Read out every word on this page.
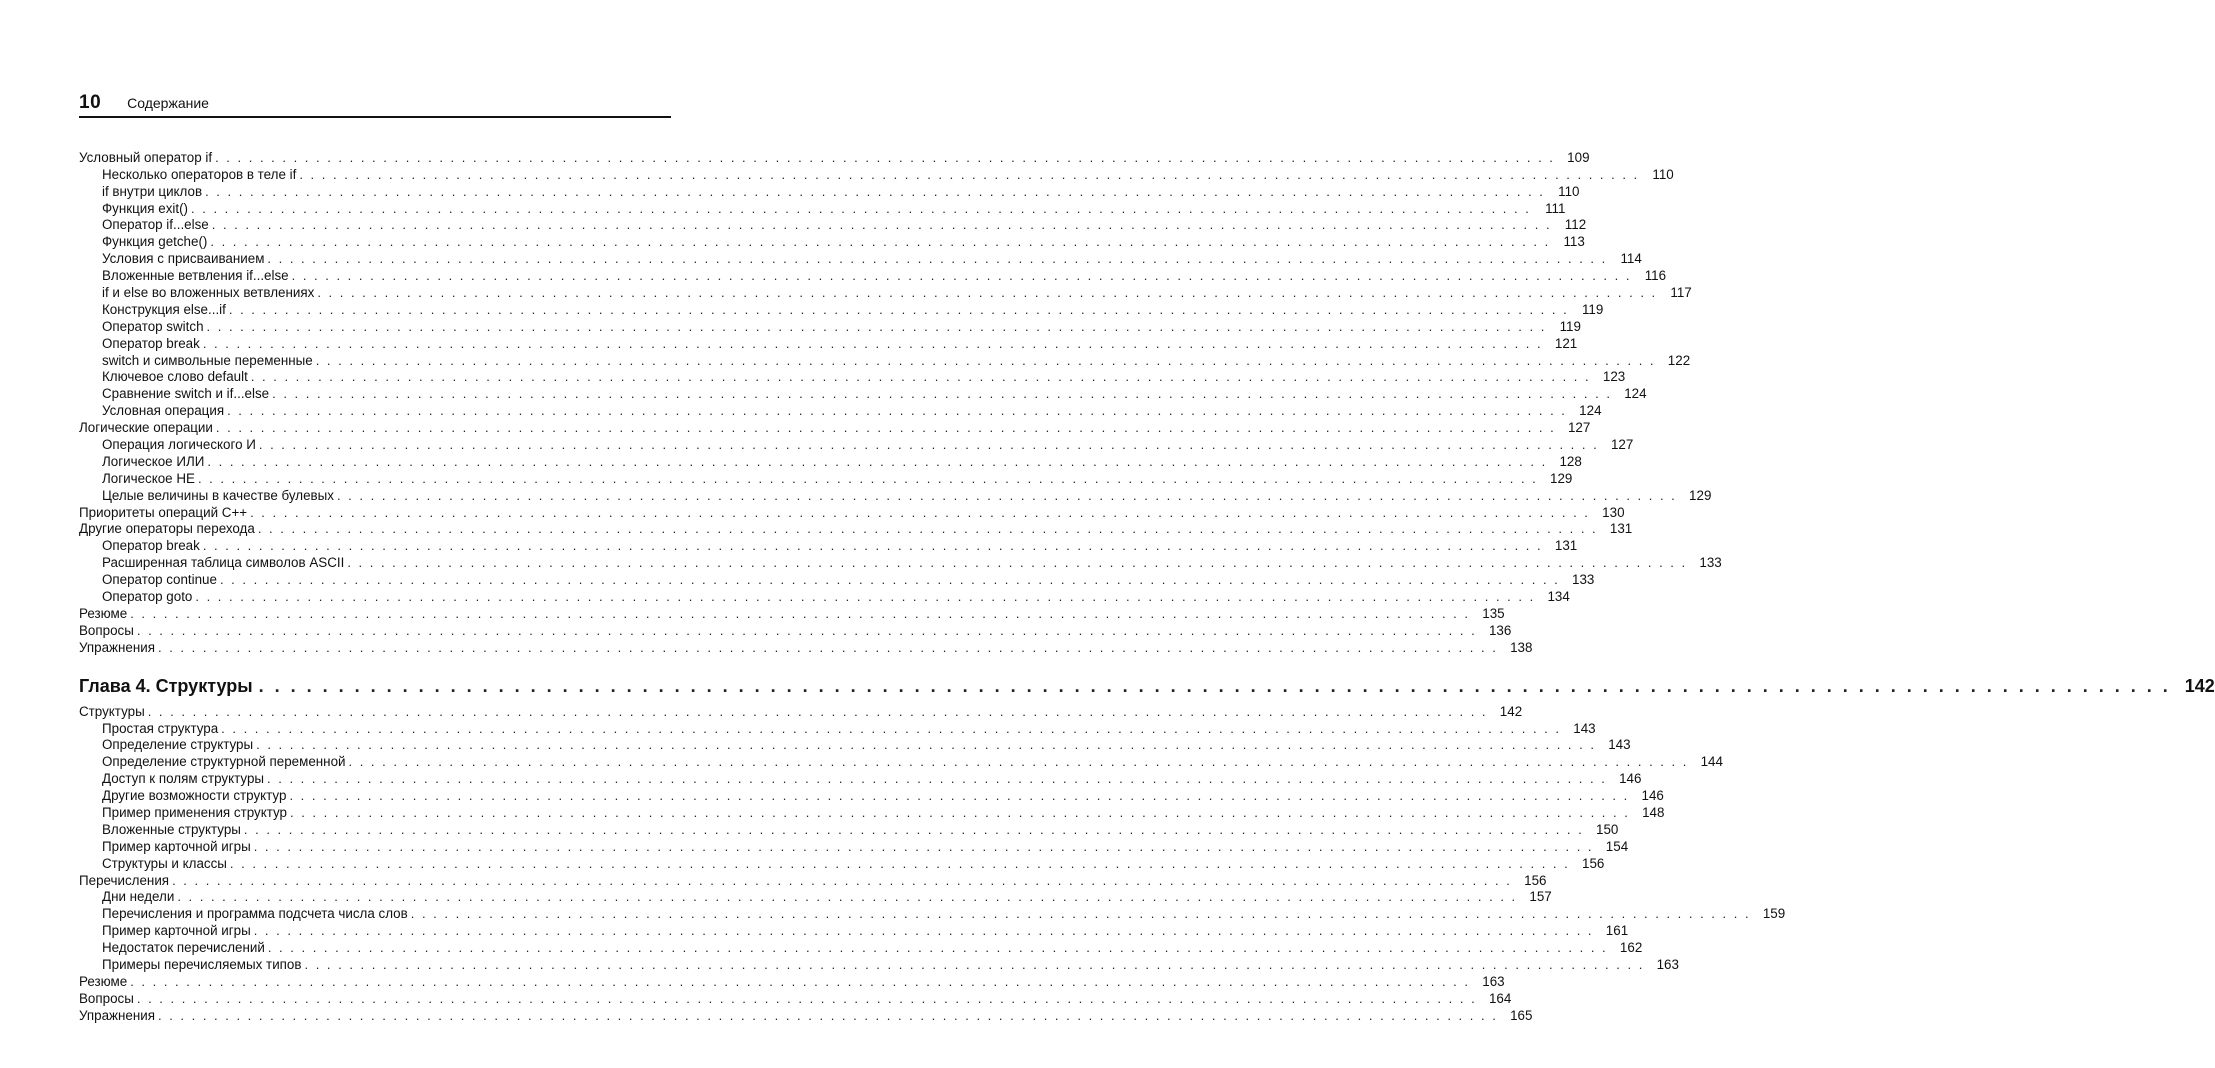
10 Содержание
Условный оператор if ........................................................................................................................ 109
Несколько операторов в теле if ........................................................................................................................ 110
if внутри циклов ........................................................................................................................ 110
Функция exit() ........................................................................................................................ 111
Оператор if...else ........................................................................................................................ 112
Функция getche() ........................................................................................................................ 113
Условия с присваиванием ........................................................................................................................ 114
Вложенные ветвления if...else ........................................................................................................................ 116
if и else во вложенных ветвлениях ........................................................................................................................ 117
Конструкция else...if ........................................................................................................................ 119
Оператор switch ........................................................................................................................ 119
Оператор break ........................................................................................................................ 121
switch и символьные переменные ........................................................................................................................ 122
Ключевое слово default ........................................................................................................................ 123
Сравнение switch и if...else ........................................................................................................................ 124
Условная операция ........................................................................................................................ 124
Логические операции ........................................................................................................................ 127
Операция логического И ........................................................................................................................ 127
Логическое ИЛИ ........................................................................................................................ 128
Логическое НЕ ........................................................................................................................ 129
Целые величины в качестве булевых ........................................................................................................................ 129
Приоритеты операций C++ ........................................................................................................................ 130
Другие операторы перехода ........................................................................................................................ 131
Оператор break ........................................................................................................................ 131
Расширенная таблица символов ASCII ........................................................................................................................ 133
Оператор continue ........................................................................................................................ 133
Оператор goto ........................................................................................................................ 134
Резюме ........................................................................................................................ 135
Вопросы ........................................................................................................................ 136
Упражнения ........................................................................................................................ 138
Глава 4. Структуры ........................................................................................................................ 142
Структуры ........................................................................................................................ 142
Простая структура ........................................................................................................................ 143
Определение структуры ........................................................................................................................ 143
Определение структурной переменной ........................................................................................................................ 144
Доступ к полям структуры ........................................................................................................................ 146
Другие возможности структур ........................................................................................................................ 146
Пример применения структур ........................................................................................................................ 148
Вложенные структуры ........................................................................................................................ 150
Пример карточной игры ........................................................................................................................ 154
Структуры и классы ........................................................................................................................ 156
Перечисления ........................................................................................................................ 156
Дни недели ........................................................................................................................ 157
Перечисления и программа подсчета числа слов ........................................................................................................................ 159
Пример карточной игры ........................................................................................................................ 161
Недостаток перечислений ........................................................................................................................ 162
Примеры перечисляемых типов ........................................................................................................................ 163
Резюме ........................................................................................................................ 163
Вопросы ........................................................................................................................ 164
Упражнения ........................................................................................................................ 165
